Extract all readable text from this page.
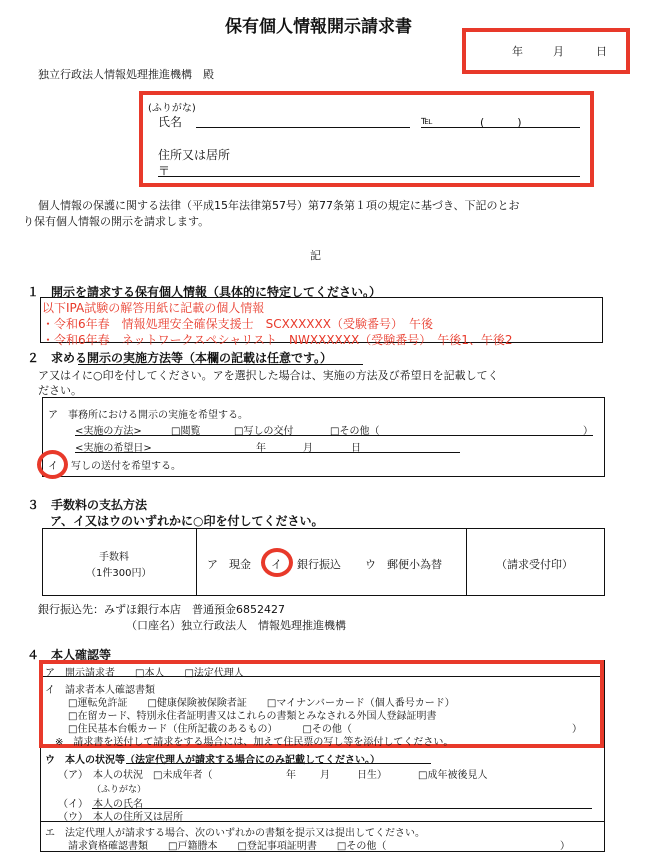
保有個人情報開示請求書
年	月	日
独立行政法人情報処理推進機構　殿
(ふりがな)
氏名	℡	(　　　)
住所又は居所
〒
個人情報の保護に関する法律（平成15年法律第57号）第77条第１項の規定に基づき、下記のとお
り保有個人情報の開示を請求します。
記
１　開示を請求する保有個人情報（具体的に特定してください。）
以下IPA試験の解答用紙に記載の個人情報
・令和6年春　情報処理安全確保支援士　SCXXXXXX（受験番号）　午後
・令和6年春　ネットワークスペシャリスト　NWXXXXXX（受験番号）　午後1、午後2
２　求める開示の実施方法等（本欄の記載は任意です。）
ア又はイに○印を付してください。アを選択した場合は、実施の方法及び希望日を記載してく
ださい。
ア　事務所における開示の実施を希望する。
<実施の方法>	□閲覧	□写しの交付	□その他（	）
<実施の希望日>	年	月	日
イ 写しの送付を希望する。
３　手数料の支払方法
ア、イ又はウのいずれかに○印を付してください。
手数料
（1件300円）
ア　現金 イ 銀行振込 ウ　郵便小為替	（請求受付印）
銀行振込先：みずほ銀行本店　普通預金6852427
（口座名）独立行政法人　情報処理推進機構
４　本人確認等
ア　開示請求者　　□本人　　□法定代理人
イ　請求者本人確認書類
□運転免許証　　□健康保険被保険者証　　□マイナンバーカード（個人番号カード）
□在留カード、特別永住者証明書又はこれらの書類とみなされる外国人登録証明書
□住民基本台帳カード（住所記載のあるもの）　　　□その他（	）
※　請求書を送付して請求をする場合には、加えて住民票の写し等を添付してください。
ウ　本人の状況等（法定代理人が請求する場合にのみ記載してください。）
（ア）　本人の状況　□未成年者（	年 月	日生）	□成年被後見人
（ふりがな）
（イ）　本人の氏名
（ウ）　本人の住所又は居所
エ　法定代理人が請求する場合、次のいずれかの書類を提示又は提出してください。
請求資格確認書類　　□戸籍謄本　　□登記事項証明書　　□その他（	）
